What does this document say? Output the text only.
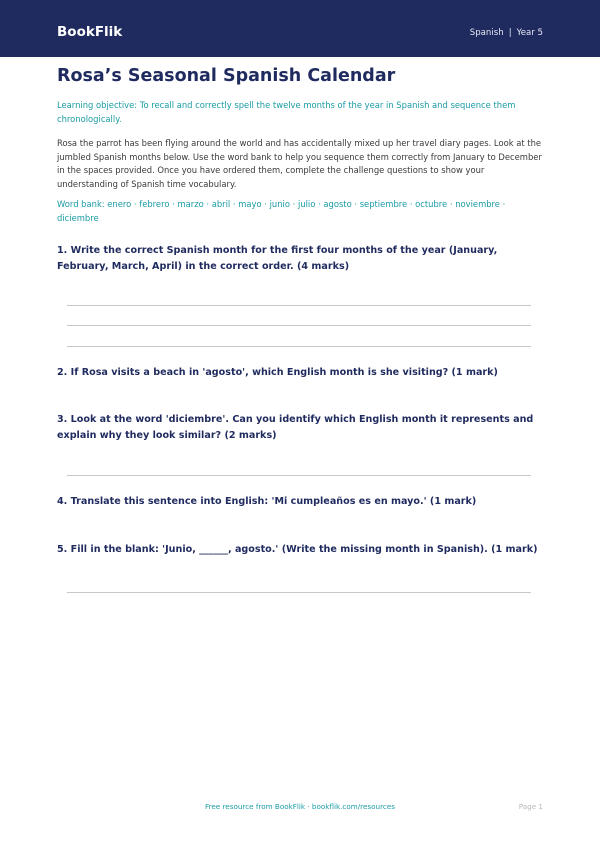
BookFlik	Spanish | Year 5
Rosa’s Seasonal Spanish Calendar

Learning objective: To recall and correctly spell the twelve months of the year in Spanish and sequence them chronologically.

Rosa the parrot has been flying around the world and has accidentally mixed up her travel diary pages. Look at the jumbled Spanish months below. Use the word bank to help you sequence them correctly from January to December in the spaces provided. Once you have ordered them, complete the challenge questions to show your understanding of Spanish time vocabulary.

Word bank: enero · febrero · marzo · abril · mayo · junio · julio · agosto · septiembre · octubre · noviembre · diciembre

1. Write the correct Spanish month for the first four months of the year (January, February, March, April) in the correct order. (4 marks)

2. If Rosa visits a beach in 'agosto', which English month is she visiting? (1 mark)

3. Look at the word 'diciembre'. Can you identify which English month it represents and explain why they look similar? (2 marks)

4. Translate this sentence into English: 'Mi cumpleaños es en mayo.' (1 mark)

5. Fill in the blank: 'Junio, ______, agosto.' (Write the missing month in Spanish). (1 mark)

Free resource from BookFlik · bookflik.com/resources	Page 1
